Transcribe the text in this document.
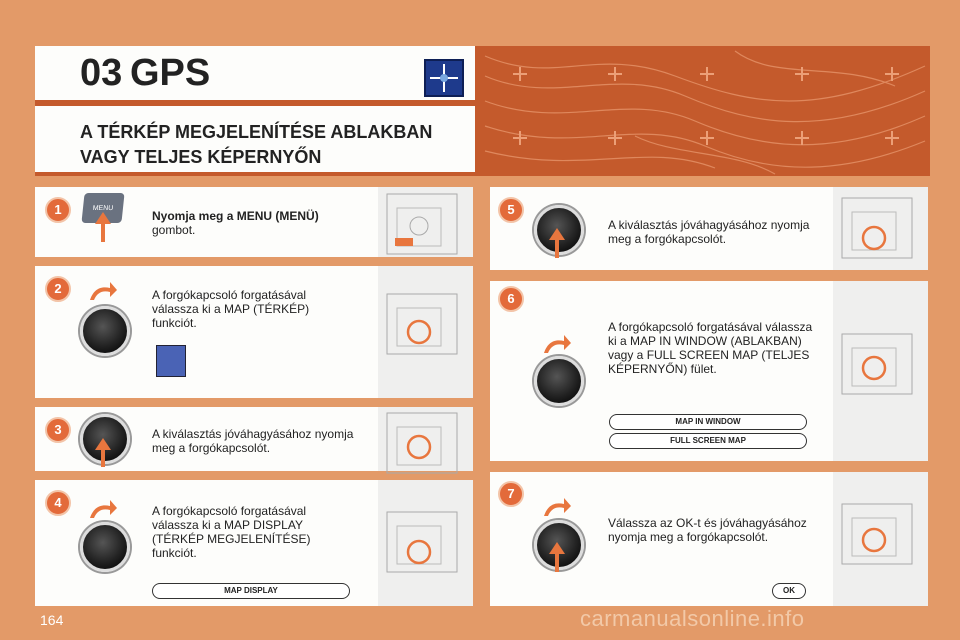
03 GPS
A TÉRKÉP MEGJELENÍTÉSE ABLAKBAN
VAGY TELJES KÉPERNYŐN
1	MENU
Nyomja meg a MENU (MENÜ)
gombot.
2	A forgókapcsoló forgatásával válassza ki a MAP (TÉRKÉP) funkciót.
3	A kiválasztás jóváhagyásához nyomja meg a forgókapcsolót.
4
A forgókapcsoló forgatásával válassza ki a MAP DISPLAY (TÉRKÉP MEGJELENÍTÉSE) funkciót.
MAP DISPLAY
5
A kiválasztás jóváhagyásához nyomja meg a forgókapcsolót.
6
A forgókapcsoló forgatásával válassza ki a MAP IN WINDOW (ABLAKBAN) vagy a FULL SCREEN MAP (TELJES KÉPERNYŐN) fület.
MAP IN WINDOW
FULL SCREEN MAP
7
Válassza az OK-t és jóváhagyásához nyomja meg a forgókapcsolót.
OK
164	carmanualsonline.info
